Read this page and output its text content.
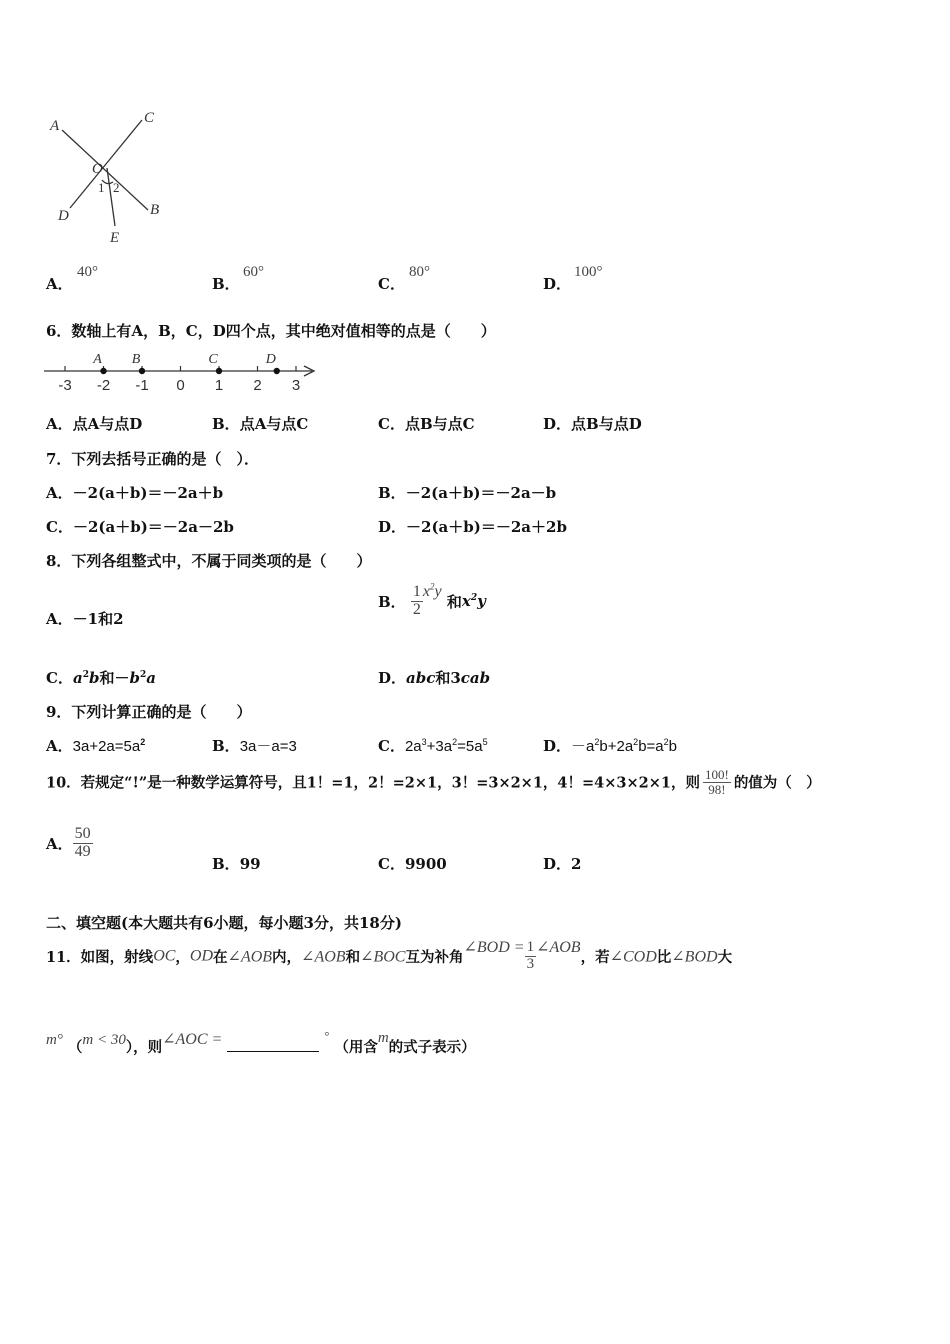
A	C
O
D	B
E
1 2
A．
40°
B．
60°
C．
80°
D．
100°
6．数轴上有A，B，C，D四个点，其中绝对值相等的点是（　　）
-3 -2 -1 0 1 2 3
A B	C	D
A．点A与点D	B．点A与点C	C．点B与点C	D．点B与点D
7．下列去括号正确的是（　）．
A．－2(a＋b)＝－2a＋b	B．－2(a＋b)＝－2a－b
C．－2(a＋b)＝－2a－2b	D．－2(a＋b)＝－2a＋2b
8．下列各组整式中，不属于同类项的是（　　）
A．－1和2
B． $\frac{1}{2} x^2y$ 和$x^2y$
C．$a^2b$和$-b^2a$	D．abc和3cab
9．下列计算正确的是（　　）
A．$3a+2a=5a^2$	B．3a－a=3	C．$2a^3+3a^2=5a^5$	D．$-a^2b+2a^2b=a^2b$
10．若规定“!”是一种数学运算符号，且1！=1，2！=2×1，3！=3×2×1，4！=4×3×2×1，则 $\frac{100!}{98!}$ 的值为（　）
A． $\frac{50}{49}$
B．99	C．9900	D．2
二、填空题(本大题共有6小题，每小题3分，共18分)
11．如图，射线OC，OD在∠AOB内，∠AOB和∠BOC互为补角∠BOD = $\frac{1}{3}$ ∠AOB，若∠COD比∠BOD大
m° （m < 30），则∠AOC =	° （用含m的式子表示）
